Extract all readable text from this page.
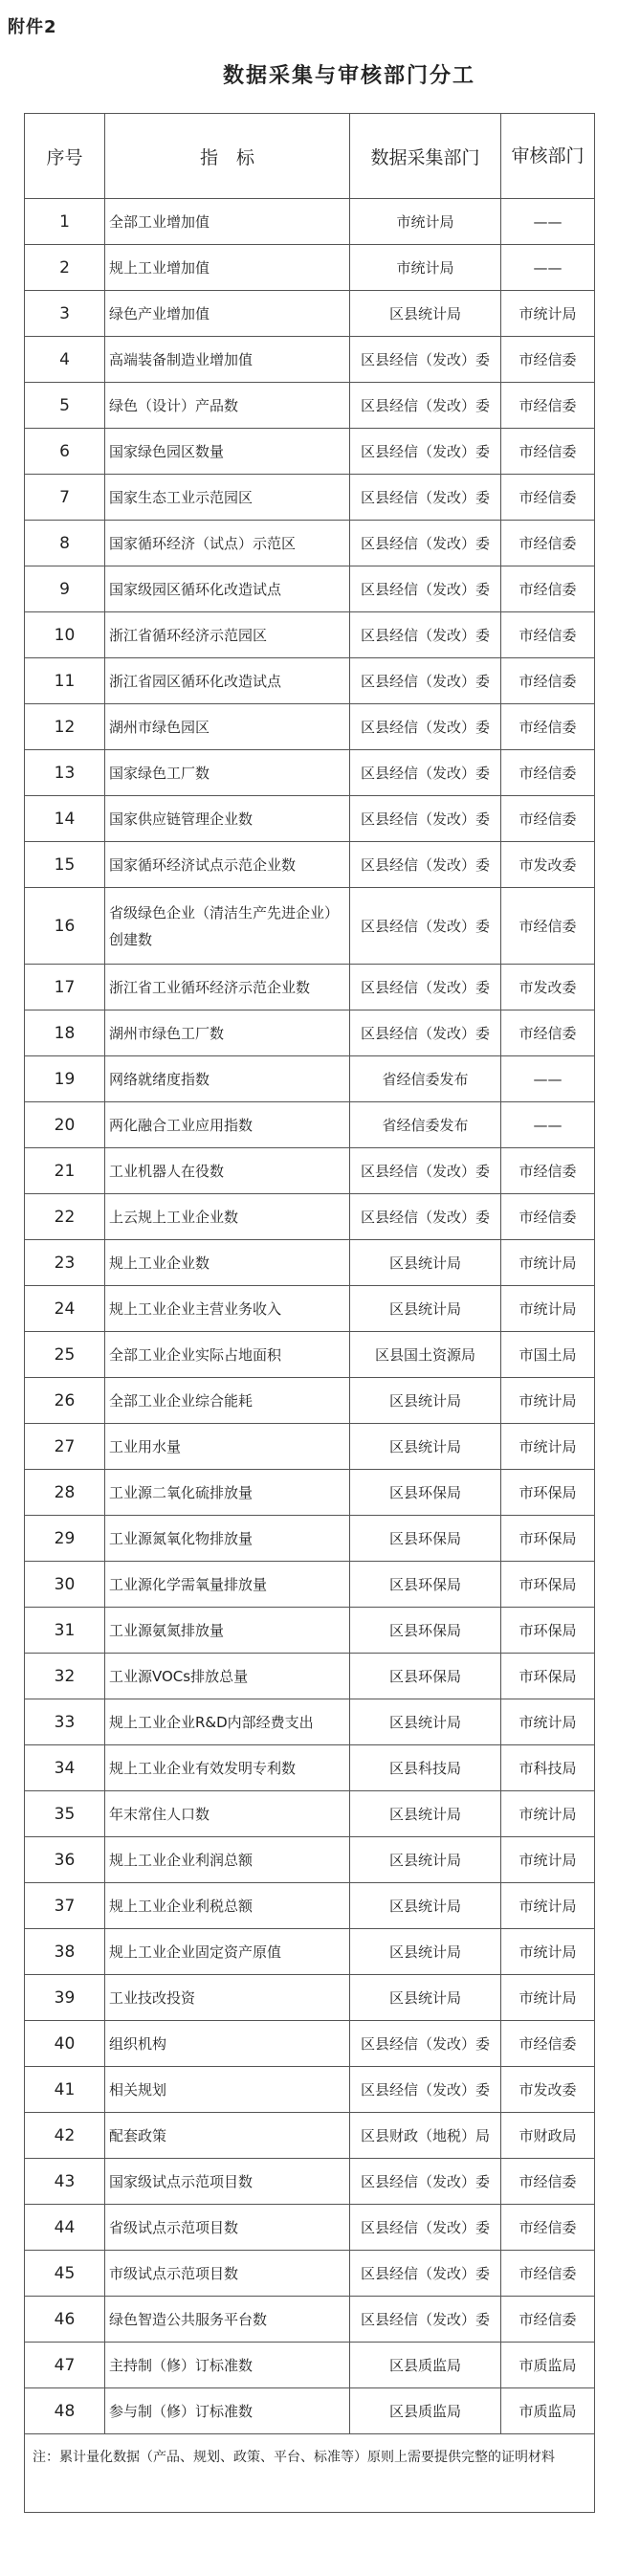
附件2
数据采集与审核部门分工
序号	指　标	数据采集部门	审核部门
1	全部工业增加值	市统计局	——
2	规上工业增加值	市统计局	——
3	绿色产业增加值	区县统计局	市统计局
4	高端装备制造业增加值	区县经信（发改）委	市经信委
5	绿色（设计）产品数	区县经信（发改）委	市经信委
6	国家绿色园区数量	区县经信（发改）委	市经信委
7	国家生态工业示范园区	区县经信（发改）委	市经信委
8	国家循环经济（试点）示范区	区县经信（发改）委	市经信委
9	国家级园区循环化改造试点	区县经信（发改）委	市经信委
10	浙江省循环经济示范园区	区县经信（发改）委	市经信委
11	浙江省园区循环化改造试点	区县经信（发改）委	市经信委
12	湖州市绿色园区	区县经信（发改）委	市经信委
13	国家绿色工厂数	区县经信（发改）委	市经信委
14	国家供应链管理企业数	区县经信（发改）委	市经信委
15	国家循环经济试点示范企业数	区县经信（发改）委	市发改委
16	省级绿色企业（清洁生产先进企业）创建数	区县经信（发改）委	市经信委
17	浙江省工业循环经济示范企业数	区县经信（发改）委	市发改委
18	湖州市绿色工厂数	区县经信（发改）委	市经信委
19	网络就绪度指数	省经信委发布	——
20	两化融合工业应用指数	省经信委发布	——
21	工业机器人在役数	区县经信（发改）委	市经信委
22	上云规上工业企业数	区县经信（发改）委	市经信委
23	规上工业企业数	区县统计局	市统计局
24	规上工业企业主营业务收入	区县统计局	市统计局
25	全部工业企业实际占地面积	区县国土资源局	市国土局
26	全部工业企业综合能耗	区县统计局	市统计局
27	工业用水量	区县统计局	市统计局
28	工业源二氧化硫排放量	区县环保局	市环保局
29	工业源氮氧化物排放量	区县环保局	市环保局
30	工业源化学需氧量排放量	区县环保局	市环保局
31	工业源氨氮排放量	区县环保局	市环保局
32	工业源VOCs排放总量	区县环保局	市环保局
33	规上工业企业R&D内部经费支出	区县统计局	市统计局
34	规上工业企业有效发明专利数	区县科技局	市科技局
35	年末常住人口数	区县统计局	市统计局
36	规上工业企业利润总额	区县统计局	市统计局
37	规上工业企业利税总额	区县统计局	市统计局
38	规上工业企业固定资产原值	区县统计局	市统计局
39	工业技改投资	区县统计局	市统计局
40	组织机构	区县经信（发改）委	市经信委
41	相关规划	区县经信（发改）委	市发改委
42	配套政策	区县财政（地税）局	市财政局
43	国家级试点示范项目数	区县经信（发改）委	市经信委
44	省级试点示范项目数	区县经信（发改）委	市经信委
45	市级试点示范项目数	区县经信（发改）委	市经信委
46	绿色智造公共服务平台数	区县经信（发改）委	市经信委
47	主持制（修）订标准数	区县质监局	市质监局
48	参与制（修）订标准数	区县质监局	市质监局
注：累计量化数据（产品、规划、政策、平台、标准等）原则上需要提供完整的证明材料			
